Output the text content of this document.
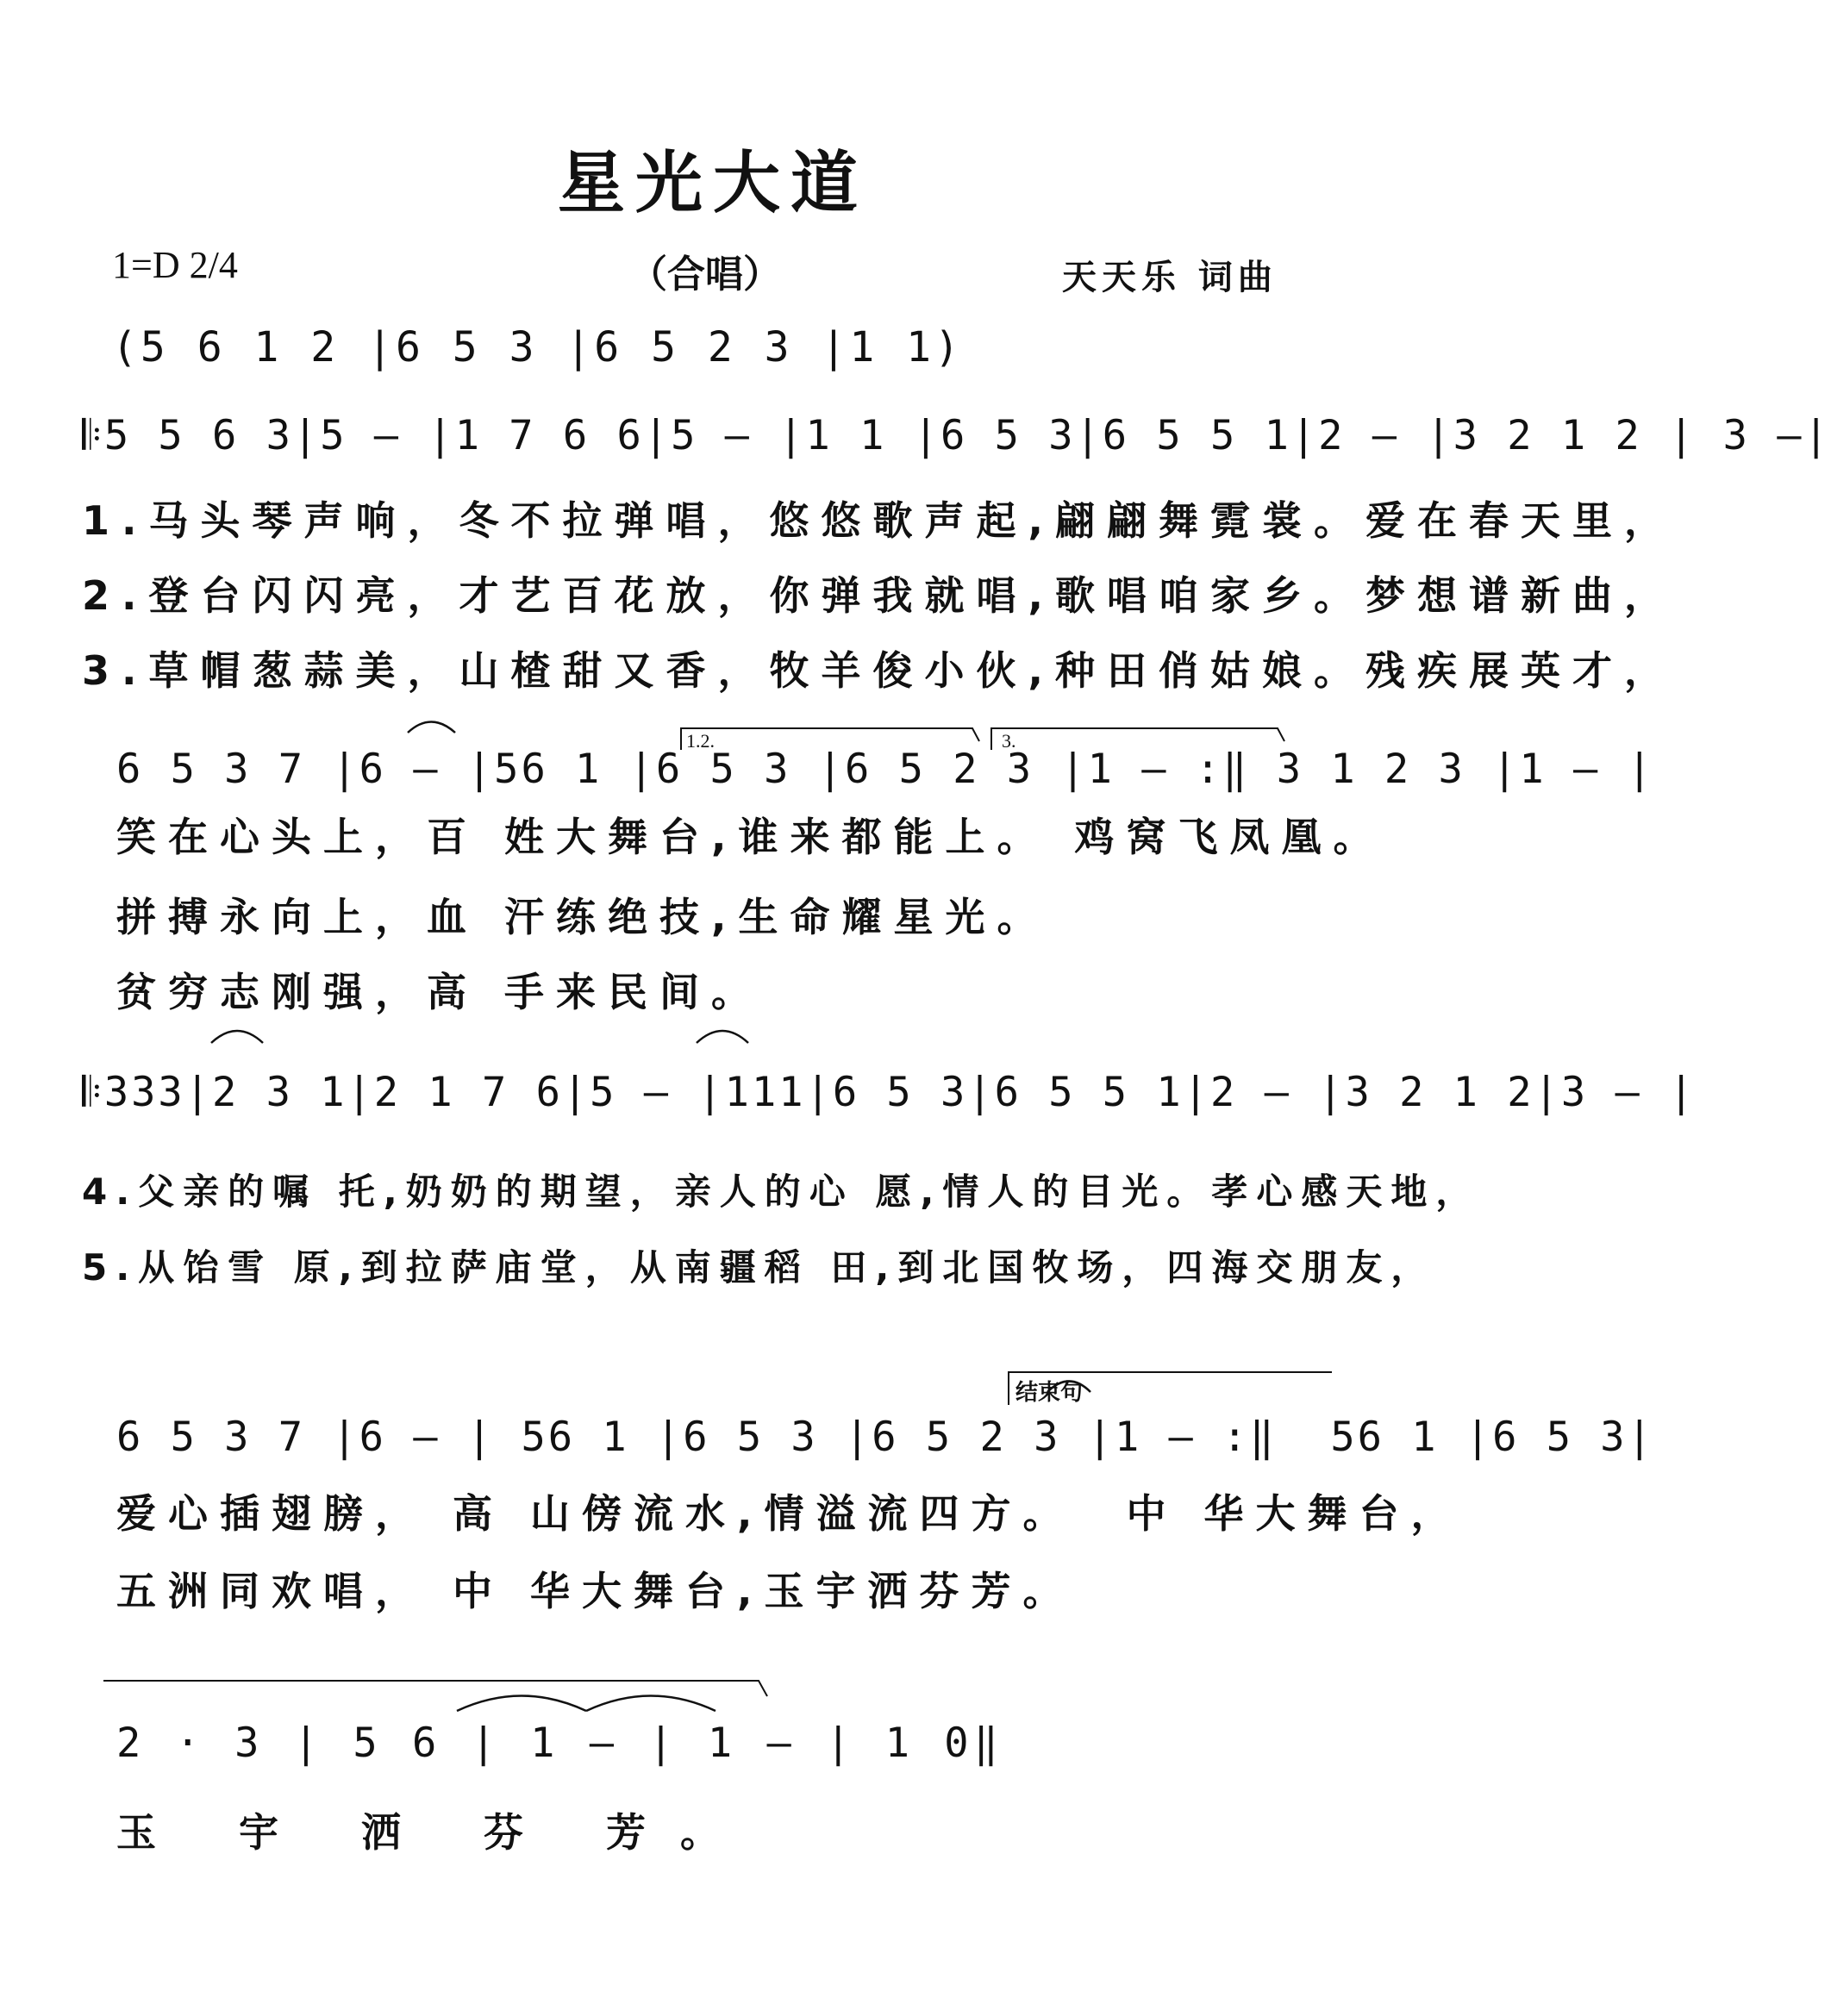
星光大道
1=D 2/4	（合唱）	天天乐 词曲
(5 6 1 2 |6 5 3 |6 5 2 3 |1 1)
𝄆5 5 6 3|5 – |1 7 6 6|5 – |1 1 |6 5 3|6 5 5 1|2 – |3 2 1 2 | 3 –|
1.马头琴声响，冬不拉弹唱，悠悠歌声起,翩翩舞霓裳。爱在春天里，
2.登台闪闪亮，才艺百花放，你弹我就唱,歌唱咱家乡。梦想谱新曲，
3.草帽葱蒜美，山楂甜又香，牧羊俊小伙,种田俏姑娘。残疾展英才，
1.2.	3.
6 5 3 7 |6 – |56 1 |6 5 3 |6 5 2 3 |1 – :‖ 3 1 2 3 |1 – |
笑在心头上，百 姓大舞台,谁来都能上。 鸡窝飞凤凰。
拼搏永向上，血 汗练绝技,生命耀星光。
贫穷志刚强，高 手来民间。
𝄆333|2 3 1|2 1 7 6|5 – |111|6 5 3|6 5 5 1|2 – |3 2 1 2|3 – |
4.父亲的嘱 托,奶奶的期望，亲人的心 愿,情人的目光。孝心感天地，
5.从饴雪 原,到拉萨庙堂，从南疆稻 田,到北国牧场，四海交朋友，
结束句
6 5 3 7 |6 – | 56 1 |6 5 3 |6 5 2 3 |1 – :‖  56 1 |6 5 3|
爱心插翅膀， 高 山傍流水,情溢流四方。  中 华大舞台，
五洲同欢唱， 中 华大舞台,玉宇洒芬芳。
2 · 3 | 5 6 | 1 – | 1 – | 1 0‖
玉 宇 洒 芬 芳。
